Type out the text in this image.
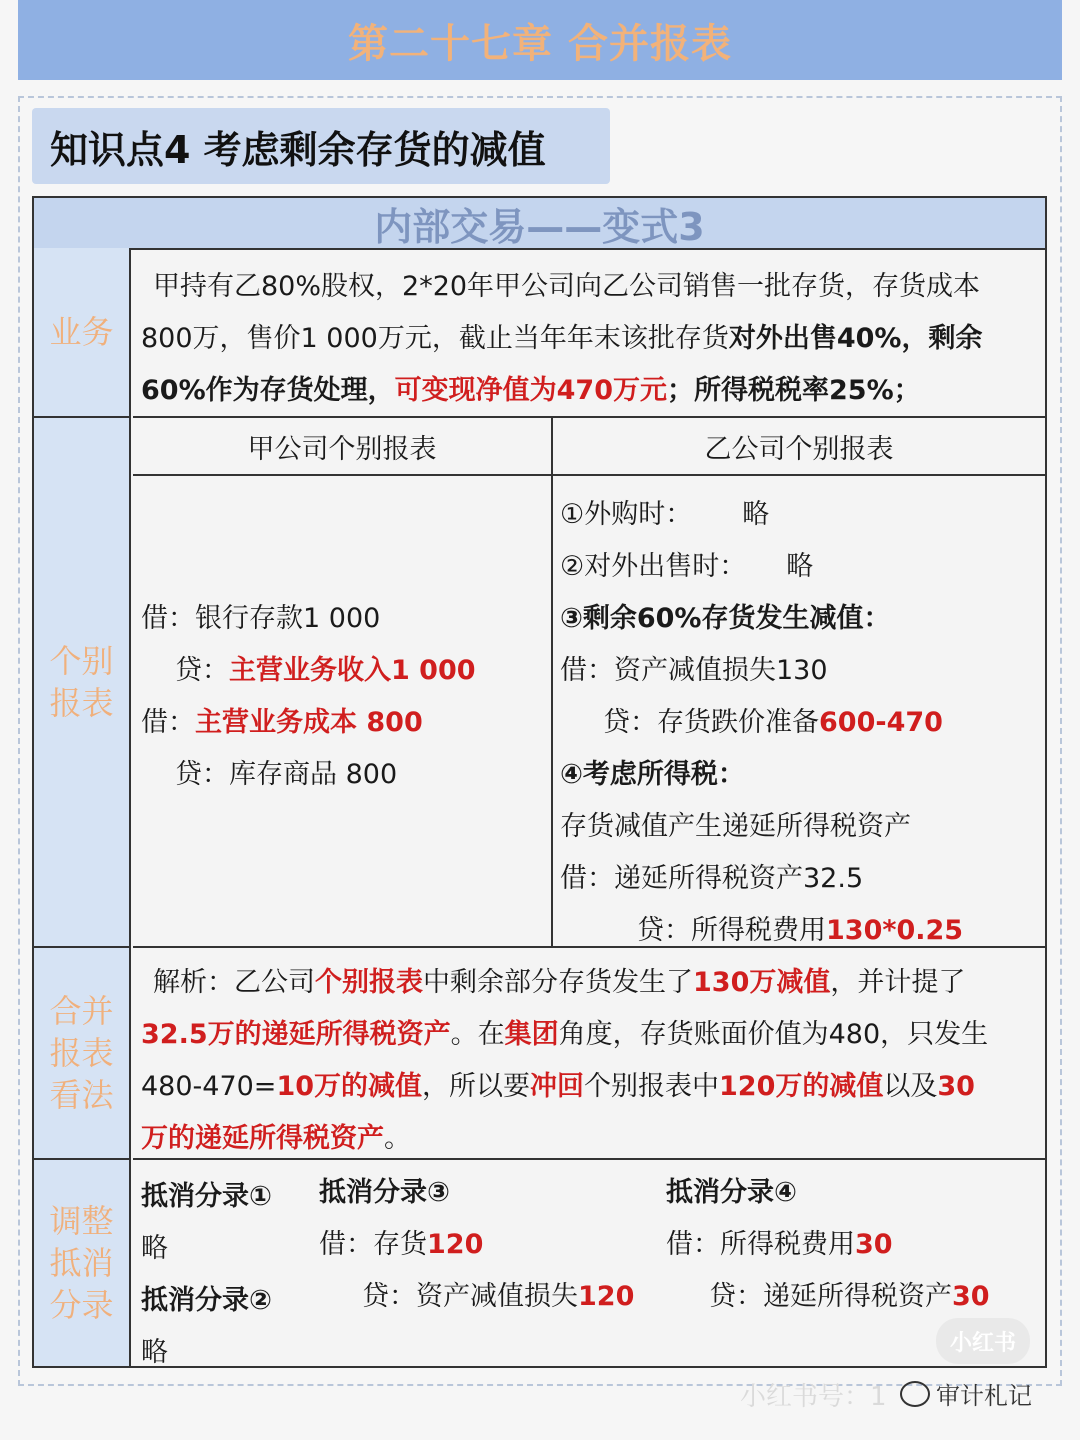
第二十七章 合并报表
知识点4 考虑剩余存货的减值
内部交易——变式3
业务
甲持有乙80%股权，2*20年甲公司向乙公司销售一批存货，存货成本
800万，售价1 000万元，截止当年年末该批存货对外出售40%，剩余
60%作为存货处理，可变现净值为470万元；所得税税率25%；
个别报表
甲公司个别报表	乙公司个别报表
借：银行存款1 000
贷：主营业务收入1 000
借：主营业务成本 800
贷：库存商品 800
①外购时： 略
②对外出售时： 略
③剩余60%存货发生减值：
借：资产减值损失130
贷：存货跌价准备600-470
④考虑所得税：
存货减值产生递延所得税资产
借：递延所得税资产32.5
贷：所得税费用130*0.25
合并报表看法
解析：乙公司个别报表中剩余部分存货发生了130万减值，并计提了
32.5万的递延所得税资产。在集团角度，存货账面价值为480，只发生
480-470=10万的减值，所以要冲回个别报表中120万的减值以及30
万的递延所得税资产。
调整抵消分录
抵消分录①
略
抵消分录②
略
抵消分录③
借：存货120
贷：资产减值损失120
抵消分录④
借：所得税费用30
贷：递延所得税资产30
小红书
小红书号：1 审计札记
